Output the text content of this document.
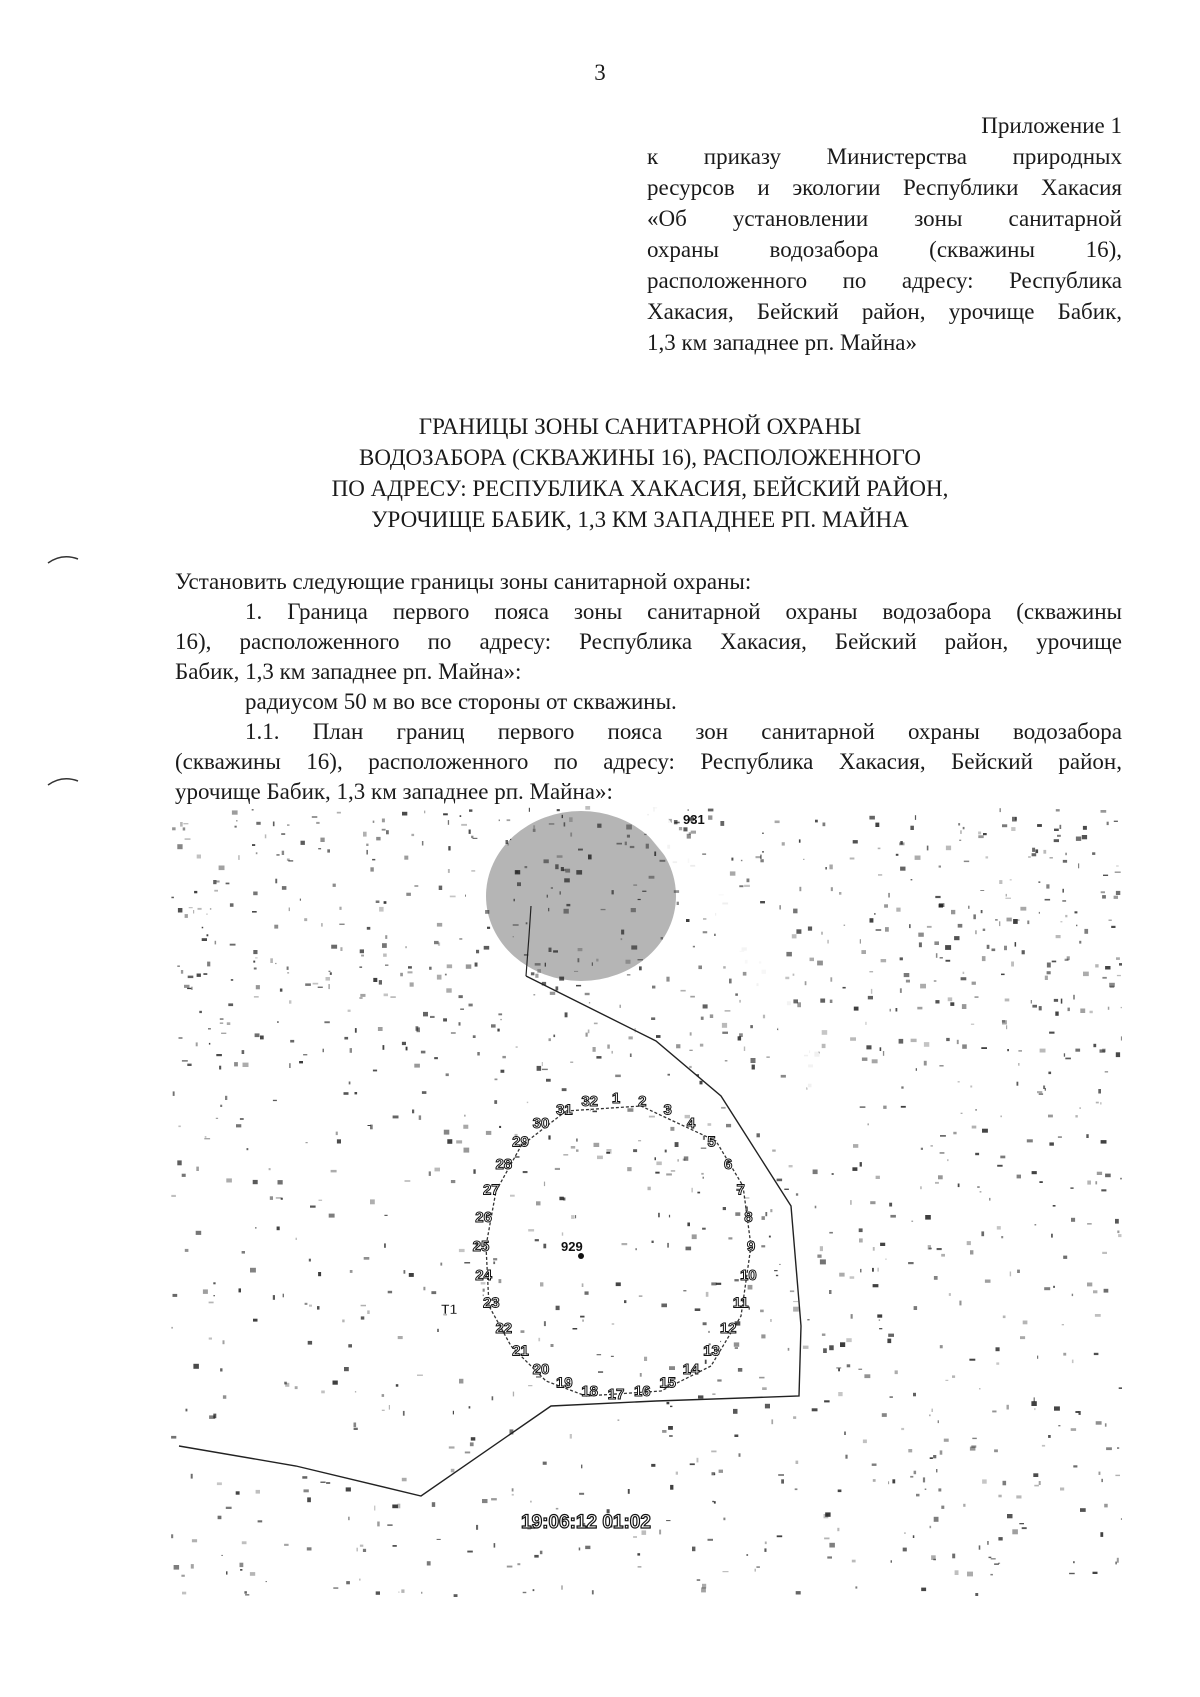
3
Приложение 1
к приказу Министерства природных
ресурсов и экологии Республики Хакасия
«Об установлении зоны санитарной
охраны водозабора (скважины 16),
расположенного по адресу: Республика
Хакасия, Бейский район, урочище Бабик,
1,3 км западнее рп. Майна»
ГРАНИЦЫ ЗОНЫ САНИТАРНОЙ ОХРАНЫ
ВОДОЗАБОРА (СКВАЖИНЫ 16), РАСПОЛОЖЕННОГО
ПО АДРЕСУ: РЕСПУБЛИКА ХАКАСИЯ, БЕЙСКИЙ РАЙОН,
УРОЧИЩЕ БАБИК, 1,3 КМ ЗАПАДНЕЕ РП. МАЙНА

Установить следующие границы зоны санитарной охраны:

1. Граница первого пояса зоны санитарной охраны водозабора (скважины

16), расположенного по адресу: Республика Хакасия, Бейский район, урочище

Бабик, 1,3 км западнее рп. Майна»:

радиусом 50 м во все стороны от скважины.

1.1. План границ первого пояса зон санитарной охраны водозабора

(скважины 16), расположенного по адресу: Республика Хакасия, Бейский район,

урочище Бабик, 1,3 км западнее рп. Майна»:

1 2 3
4
5
6
7
8
9
10
11
12
13
14
15
16
17
18
19
20
21
22
23
24
25
26
27
28
29
30
31 32
929
931
Т1
19:06:12 01:02
